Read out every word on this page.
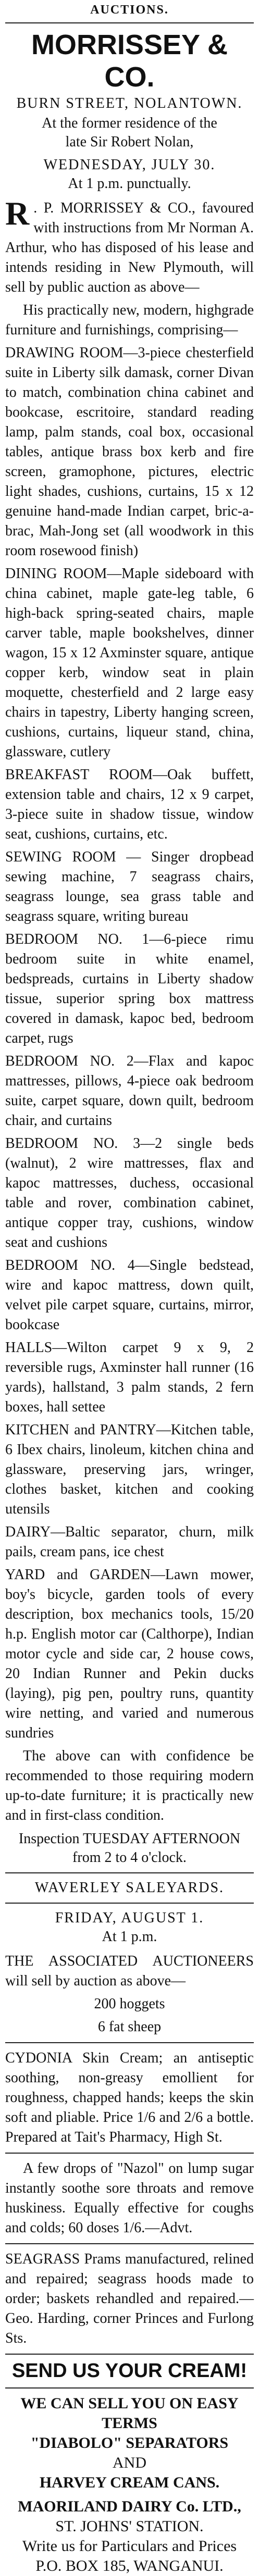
AUCTIONS.
MORRISSEY & CO.
BURN STREET, NOLANTOWN.
At the former residence of the
late Sir Robert Nolan,
WEDNESDAY, JULY 30.
At 1 p.m. punctually.

R . P. MORRISSEY & CO., favoured with instructions from Mr Norman A. Arthur, who has disposed of his lease and intends residing in New Plymouth, will sell by public auction as above—

His practically new, modern, highgrade furniture and furnishings, comprising—

DRAWING ROOM—3-piece chesterfield suite in Liberty silk damask, corner Divan to match, combination china cabinet and bookcase, escritoire, standard reading lamp, palm stands, coal box, occasional tables, antique brass box kerb and fire screen, gramophone, pictures, electric light shades, cushions, curtains, 15 x 12 genuine hand-made Indian carpet, bric-a-brac, Mah-Jong set (all woodwork in this room rosewood finish)

DINING ROOM—Maple sideboard with china cabinet, maple gate-leg table, 6 high-back spring-seated chairs, maple carver table, maple bookshelves, dinner wagon, 15 x 12 Axminster square, antique copper kerb, window seat in plain moquette, chesterfield and 2 large easy chairs in tapestry, Liberty hanging screen, cushions, curtains, liqueur stand, china, glassware, cutlery

BREAKFAST ROOM—Oak buffett, extension table and chairs, 12 x 9 carpet, 3-piece suite in shadow tissue, window seat, cushions, curtains, etc.

SEWING ROOM — Singer dropbead sewing machine, 7 seagrass chairs, seagrass lounge, sea grass table and seagrass square, writing bureau

BEDROOM NO. 1—6-piece rimu bedroom suite in white enamel, bedspreads, curtains in Liberty shadow tissue, superior spring box mattress covered in damask, kapoc bed, bedroom carpet, rugs

BEDROOM NO. 2—Flax and kapoc mattresses, pillows, 4-piece oak bedroom suite, carpet square, down quilt, bedroom chair, and curtains

BEDROOM NO. 3—2 single beds (walnut), 2 wire mattresses, flax and kapoc mattresses, duchess, occasional table and rover, combination cabinet, antique copper tray, cushions, window seat and cushions

BEDROOM NO. 4—Single bedstead, wire and kapoc mattress, down quilt, velvet pile carpet square, curtains, mirror, bookcase

HALLS—Wilton carpet 9 x 9, 2 reversible rugs, Axminster hall runner (16 yards), hallstand, 3 palm stands, 2 fern boxes, hall settee

KITCHEN and PANTRY—Kitchen table, 6 Ibex chairs, linoleum, kitchen china and glassware, preserving jars, wringer, clothes basket, kitchen and cooking utensils

DAIRY—Baltic separator, churn, milk pails, cream pans, ice chest

YARD and GARDEN—Lawn mower, boy's bicycle, garden tools of every description, box mechanics tools, 15/20 h.p. English motor car (Calthorpe), Indian motor cycle and side car, 2 house cows, 20 Indian Runner and Pekin ducks (laying), pig pen, poultry runs, quantity wire netting, and varied and numerous sundries

The above can with confidence be recommended to those requiring modern up-to-date furniture; it is practically new and in first-class condition.

Inspection TUESDAY AFTERNOON from 2 to 4 o'clock.
WAVERLEY SALEYARDS.
FRIDAY, AUGUST 1.
At 1 p.m.

THE ASSOCIATED AUCTIONEERS will sell by auction as above—

200 hoggets

6 fat sheep

CYDONIA Skin Cream; an antiseptic soothing, non-greasy emollient for roughness, chapped hands; keeps the skin soft and pliable. Price 1/6 and 2/6 a bottle. Prepared at Tait's Pharmacy, High St.

A few drops of "Nazol" on lump sugar instantly soothe sore throats and remove huskiness. Equally effective for coughs and colds; 60 doses 1/6.—Advt.

SEAGRASS Prams manufactured, relined and repaired; seagrass hoods made to order; baskets rehandled and repaired.—Geo. Harding, corner Princes and Furlong Sts.

SEND US YOUR CREAM!
WE CAN SELL YOU ON EASY
TERMS
"DIABOLO" SEPARATORS
AND
HARVEY CREAM CANS.
MAORILAND DAIRY Co. LTD.,
ST. JOHNS' STATION.
Write us for Particulars and Prices
P.O. BOX 185, WANGANUI.
